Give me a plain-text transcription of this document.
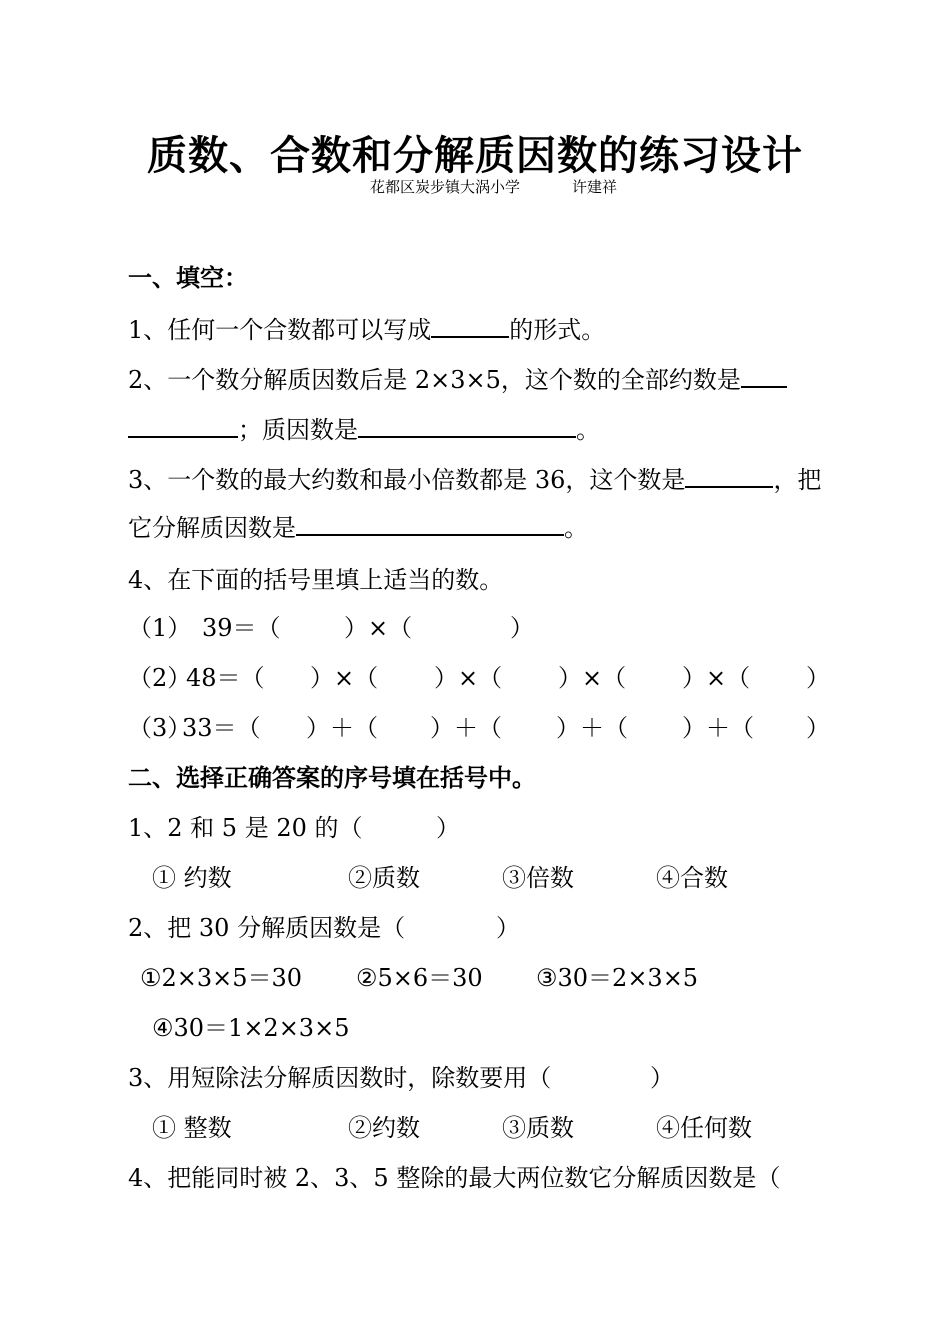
质数、合数和分解质因数的练习设计
花都区炭步镇大涡小学	许建祥
一、填空：
1、任何一个合数都可以写成	的形式。
2、一个数分解质因数后是 2×3×5，这个数的全部约数是
；质因数是	。
3、一个数的最大约数和最小倍数都是 36，这个数是	，把
它分解质因数是	。
4、在下面的括号里填上适当的数。
（1） 39＝（	）×（	）
（2）
48＝（ ）×（ ）×（ ）×（ ）×（ ）
（3）
33＝（ ）＋（ ）＋（ ）＋（ ）＋（ ）
二、选择正确答案的序号填在括号中。
1、2 和 5 是 20 的（	）
① 约数	②质数	③倍数	④合数
2、把 30 分解质因数是（	）
①2×3×5＝30 ②5×6＝30 ③30＝2×3×5
④30＝1×2×3×5
3、用短除法分解质因数时，除数要用（	）
① 整数	②约数	③质数	④任何数
4、把能同时被 2、3、5 整除的最大两位数它分解质因数是（
